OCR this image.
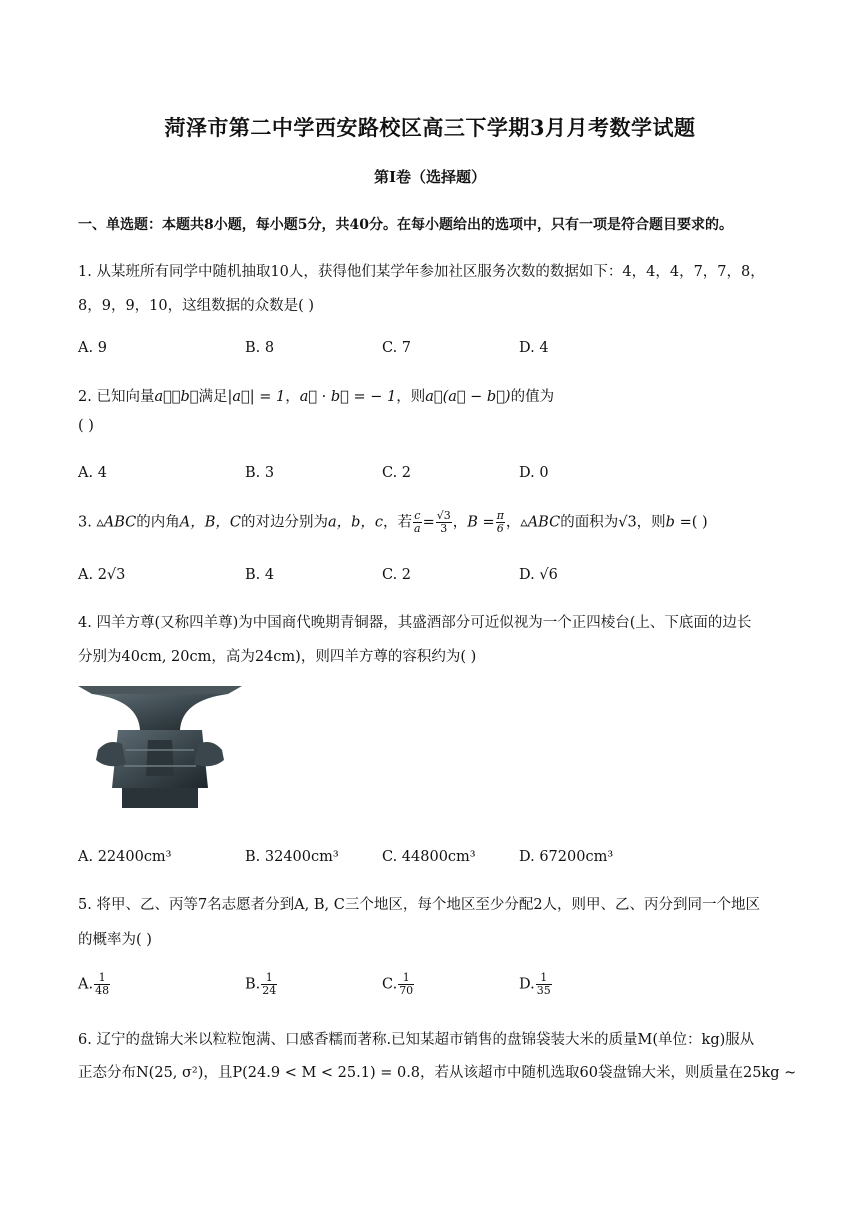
菏泽市第二中学西安路校区高三下学期3月月考数学试题
第I卷（选择题）
一、单选题：本题共8小题，每小题5分，共40分。在每小题给出的选项中，只有一项是符合题目要求的。
1. 从某班所有同学中随机抽取10人，获得他们某学年参加社区服务次数的数据如下：4，4，4，7，7，8，
8，9，9，10，这组数据的众数是( )
A. 9	B. 8	C. 7	D. 4
2. 已知向量a⃗，b⃗满足|a⃗| = 1，a⃗ · b⃗ = − 1，则a⃗(a⃗ − b⃗)的值为
( )
A. 4	B. 3	C. 2	D. 0
3. ▵ABC的内角A，B，C的对边分别为a，b，c，若 $\frac{c}{a} = \frac{√3}{3}$ ，$B = \frac{\pi}{6}$ ，▵ABC的面积为√3，则b =( )
A. 2√3	B. 4	C. 2	D. √6
4. 四羊方尊(又称四羊尊)为中国商代晚期青铜器，其盛酒部分可近似视为一个正四棱台(上、下底面的边长
分别为40cm, 20cm，高为24cm)，则四羊方尊的容积约为( )
A. 22400cm³	B. 32400cm³	C. 44800cm³	D. 67200cm³
5. 将甲、乙、丙等7名志愿者分到A, B, C三个地区，每个地区至少分配2人，则甲、乙、丙分到同一个地区
的概率为( )
A. $\frac{1}{48}$	B. $\frac{1}{24}$	C. $\frac{1}{70}$	D. $\frac{1}{35}$
6. 辽宁的盘锦大米以粒粒饱满、口感香糯而著称.已知某超市销售的盘锦袋装大米的质量M(单位：kg)服从
正态分布N(25, σ²)，且P(24.9 < M < 25.1) = 0.8，若从该超市中随机选取60袋盘锦大米，则质量在25kg ~
